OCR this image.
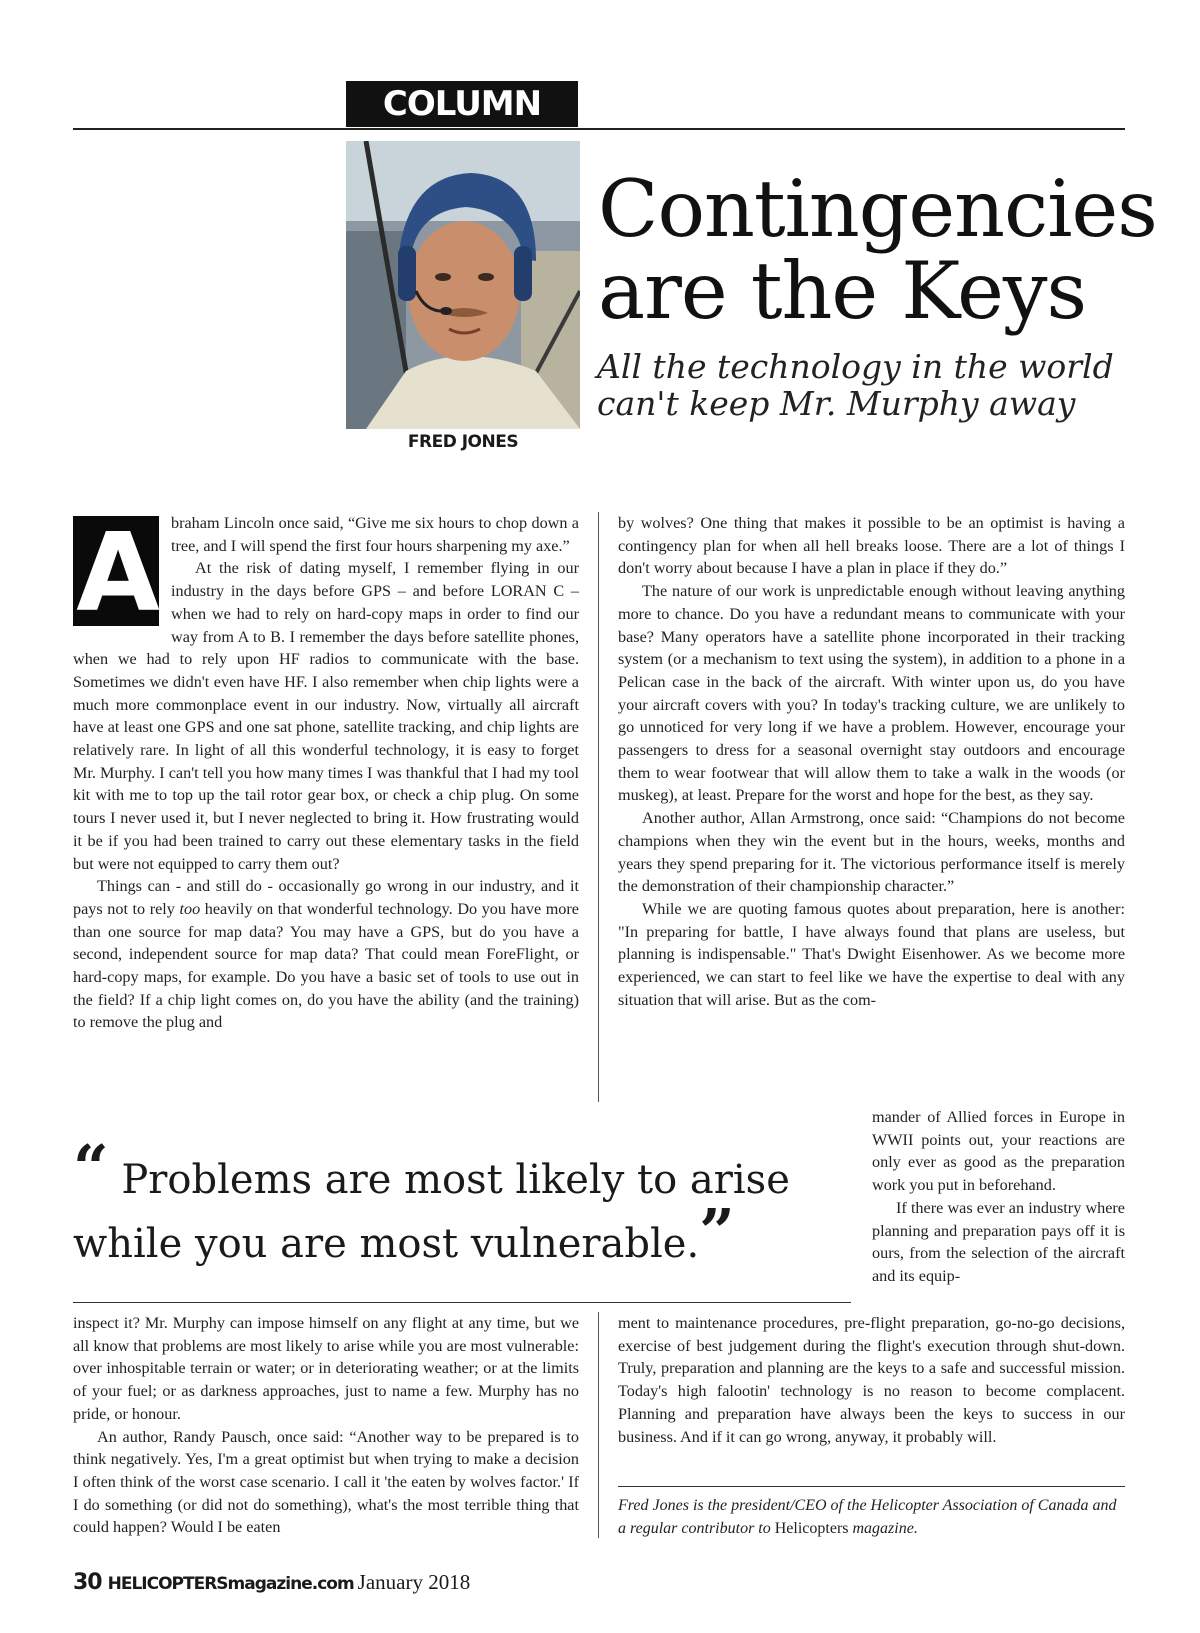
COLUMN
FRED JONES
Contingencies
are the Keys
All the technology in the world
can't keep Mr. Murphy away
A braham Lincoln once said, “Give me six hours to chop down a tree, and I will spend the first four hours sharpening my axe.”

At the risk of dating myself, I remember flying in our industry in the days before GPS – and before LORAN C – when we had to rely on hard-copy maps in order to find our way from A to B. I remember the days before satellite phones, when we had to rely upon HF radios to communicate with the base. Sometimes we didn't even have HF. I also remember when chip lights were a much more commonplace event in our industry. Now, virtually all aircraft have at least one GPS and one sat phone, satellite tracking, and chip lights are relatively rare. In light of all this wonderful technology, it is easy to forget Mr. Murphy. I can't tell you how many times I was thankful that I had my tool kit with me to top up the tail rotor gear box, or check a chip plug. On some tours I never used it, but I never neglected to bring it. How frustrating would it be if you had been trained to carry out these elementary tasks in the field but were not equipped to carry them out?

Things can - and still do - occasionally go wrong in our industry, and it pays not to rely too heavily on that wonderful technology. Do you have more than one source for map data? You may have a GPS, but do you have a second, independent source for map data? That could mean ForeFlight, or hard-copy maps, for example. Do you have a basic set of tools to use out in the field? If a chip light comes on, do you have the ability (and the training) to remove the plug and

by wolves? One thing that makes it possible to be an optimist is having a contingency plan for when all hell breaks loose. There are a lot of things I don't worry about because I have a plan in place if they do.”

The nature of our work is unpredictable enough without leaving anything more to chance. Do you have a redundant means to communicate with your base? Many operators have a satellite phone incorporated in their tracking system (or a mechanism to text using the system), in addition to a phone in a Pelican case in the back of the aircraft. With winter upon us, do you have your aircraft covers with you? In today's tracking culture, we are unlikely to go unnoticed for very long if we have a problem. However, encourage your passengers to dress for a seasonal overnight stay outdoors and encourage them to wear footwear that will allow them to take a walk in the woods (or muskeg), at least. Prepare for the worst and hope for the best, as they say.

Another author, Allan Armstrong, once said: “Champions do not become champions when they win the event but in the hours, weeks, months and years they spend preparing for it. The victorious performance itself is merely the demonstration of their championship character.”

While we are quoting famous quotes about preparation, here is another: "In preparing for battle, I have always found that plans are useless, but planning is indispensable." That's Dwight Eisenhower. As we become more experienced, we can start to feel like we have the expertise to deal with any situation that will arise. But as the com-

mander of Allied forces in Europe in WWII points out, your reactions are only ever as good as the preparation work you put in beforehand.

If there was ever an industry where planning and preparation pays off it is ours, from the selection of the aircraft and its equip-

“ Problems are most likely to arise
while you are most vulnerable.”

inspect it? Mr. Murphy can impose himself on any flight at any time, but we all know that problems are most likely to arise while you are most vulnerable: over inhospitable terrain or water; or in deteriorating weather; or at the limits of your fuel; or as darkness approaches, just to name a few. Murphy has no pride, or honour.

An author, Randy Pausch, once said: “Another way to be prepared is to think negatively. Yes, I'm a great optimist but when trying to make a decision I often think of the worst case scenario. I call it 'the eaten by wolves factor.' If I do something (or did not do something), what's the most terrible thing that could happen? Would I be eaten

ment to maintenance procedures, pre-flight preparation, go-no-go decisions, exercise of best judgement during the flight's execution through shut-down. Truly, preparation and planning are the keys to a safe and successful mission. Today's high falootin' technology is no reason to become complacent. Planning and preparation have always been the keys to success in our business. And if it can go wrong, anyway, it probably will.

Fred Jones is the president/CEO of the Helicopter Association of Canada and a regular contributor to Helicopters magazine.
30 HELICOPTERSmagazine.com January 2018
